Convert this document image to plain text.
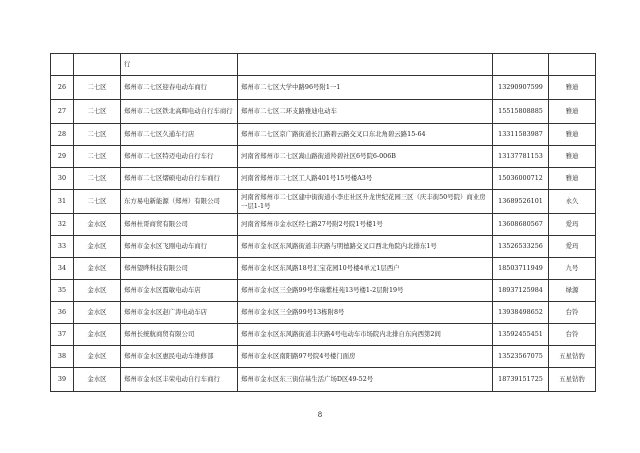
		行			
26	二七区	郑州市二七区迎春电动车商行	郑州市二七区大学中路96号附1一1	13290907599	雅迪
27	二七区	郑州市二七区铁北高辉电动自行车商行	郑州市二七区二环支路雅迪电动车	15515808885	雅迪
28	二七区	郑州市二七区久通车行店	郑州市二七区京广路街道长江路碧云路交叉口东北角碧云路15-64	13311583987	雅迪
29	二七区	郑州市二七区特迈电动自行车行	河南省郑州市二七区嵩山路街道羚碧社区6号院6-006B	13137781153	雅迪
30	二七区	郑州市二七区熠硕电动自行车商行	河南省郑州市二七区工人路401号15号楼A3号	15036000712	雅迪
31	二七区	东方易电新能源（郑州）有限公司	河南省郑州市二七区建中街街道小李庄社区升龙世纪花园三区（庆丰街50号院）商业房一层1-1号	13689526101	永久
32	金水区	郑州杜哥商贸有限公司	河南省郑州市金水区经七路27号附2号院1号楼1号	13608680567	爱玛
33	金水区	郑州市金水区飞刚电动车商行	郑州市金水区东风路街道丰庆路与明德路交叉口西北角院内北排东1号	13526533256	爱玛
34	金水区	郑州望晔科技有限公司	郑州市金水区东风路18号汇宝花园10号楼4单元1层西户	18503711949	九号
35	金水区	郑州市金水区霞敏电动车店	郑州市金水区三全路99号华瑞紫桂苑13号楼1-2层附19号	18937125984	绿源
36	金水区	郑州市金水区赵广涛电动车店	郑州市金水区三全路99号13栋附8号	13938498652	台铃
37	金水区	郑州长统航商贸有限公司	郑州市金水区东风路街道丰庆路4号电动车市场院内北排自东向西第2间	13592455451	台铃
38	金水区	郑州市金水区惠民电动车维修部	郑州市金水区南阳路97号院4号楼门面房	13523567075	五星钻豹
39	金水区	郑州市金水区丰荣电动自行车商行	郑州市金水区东三街信基生活广场D区49-52号	18739151725	五星钻豹
8
